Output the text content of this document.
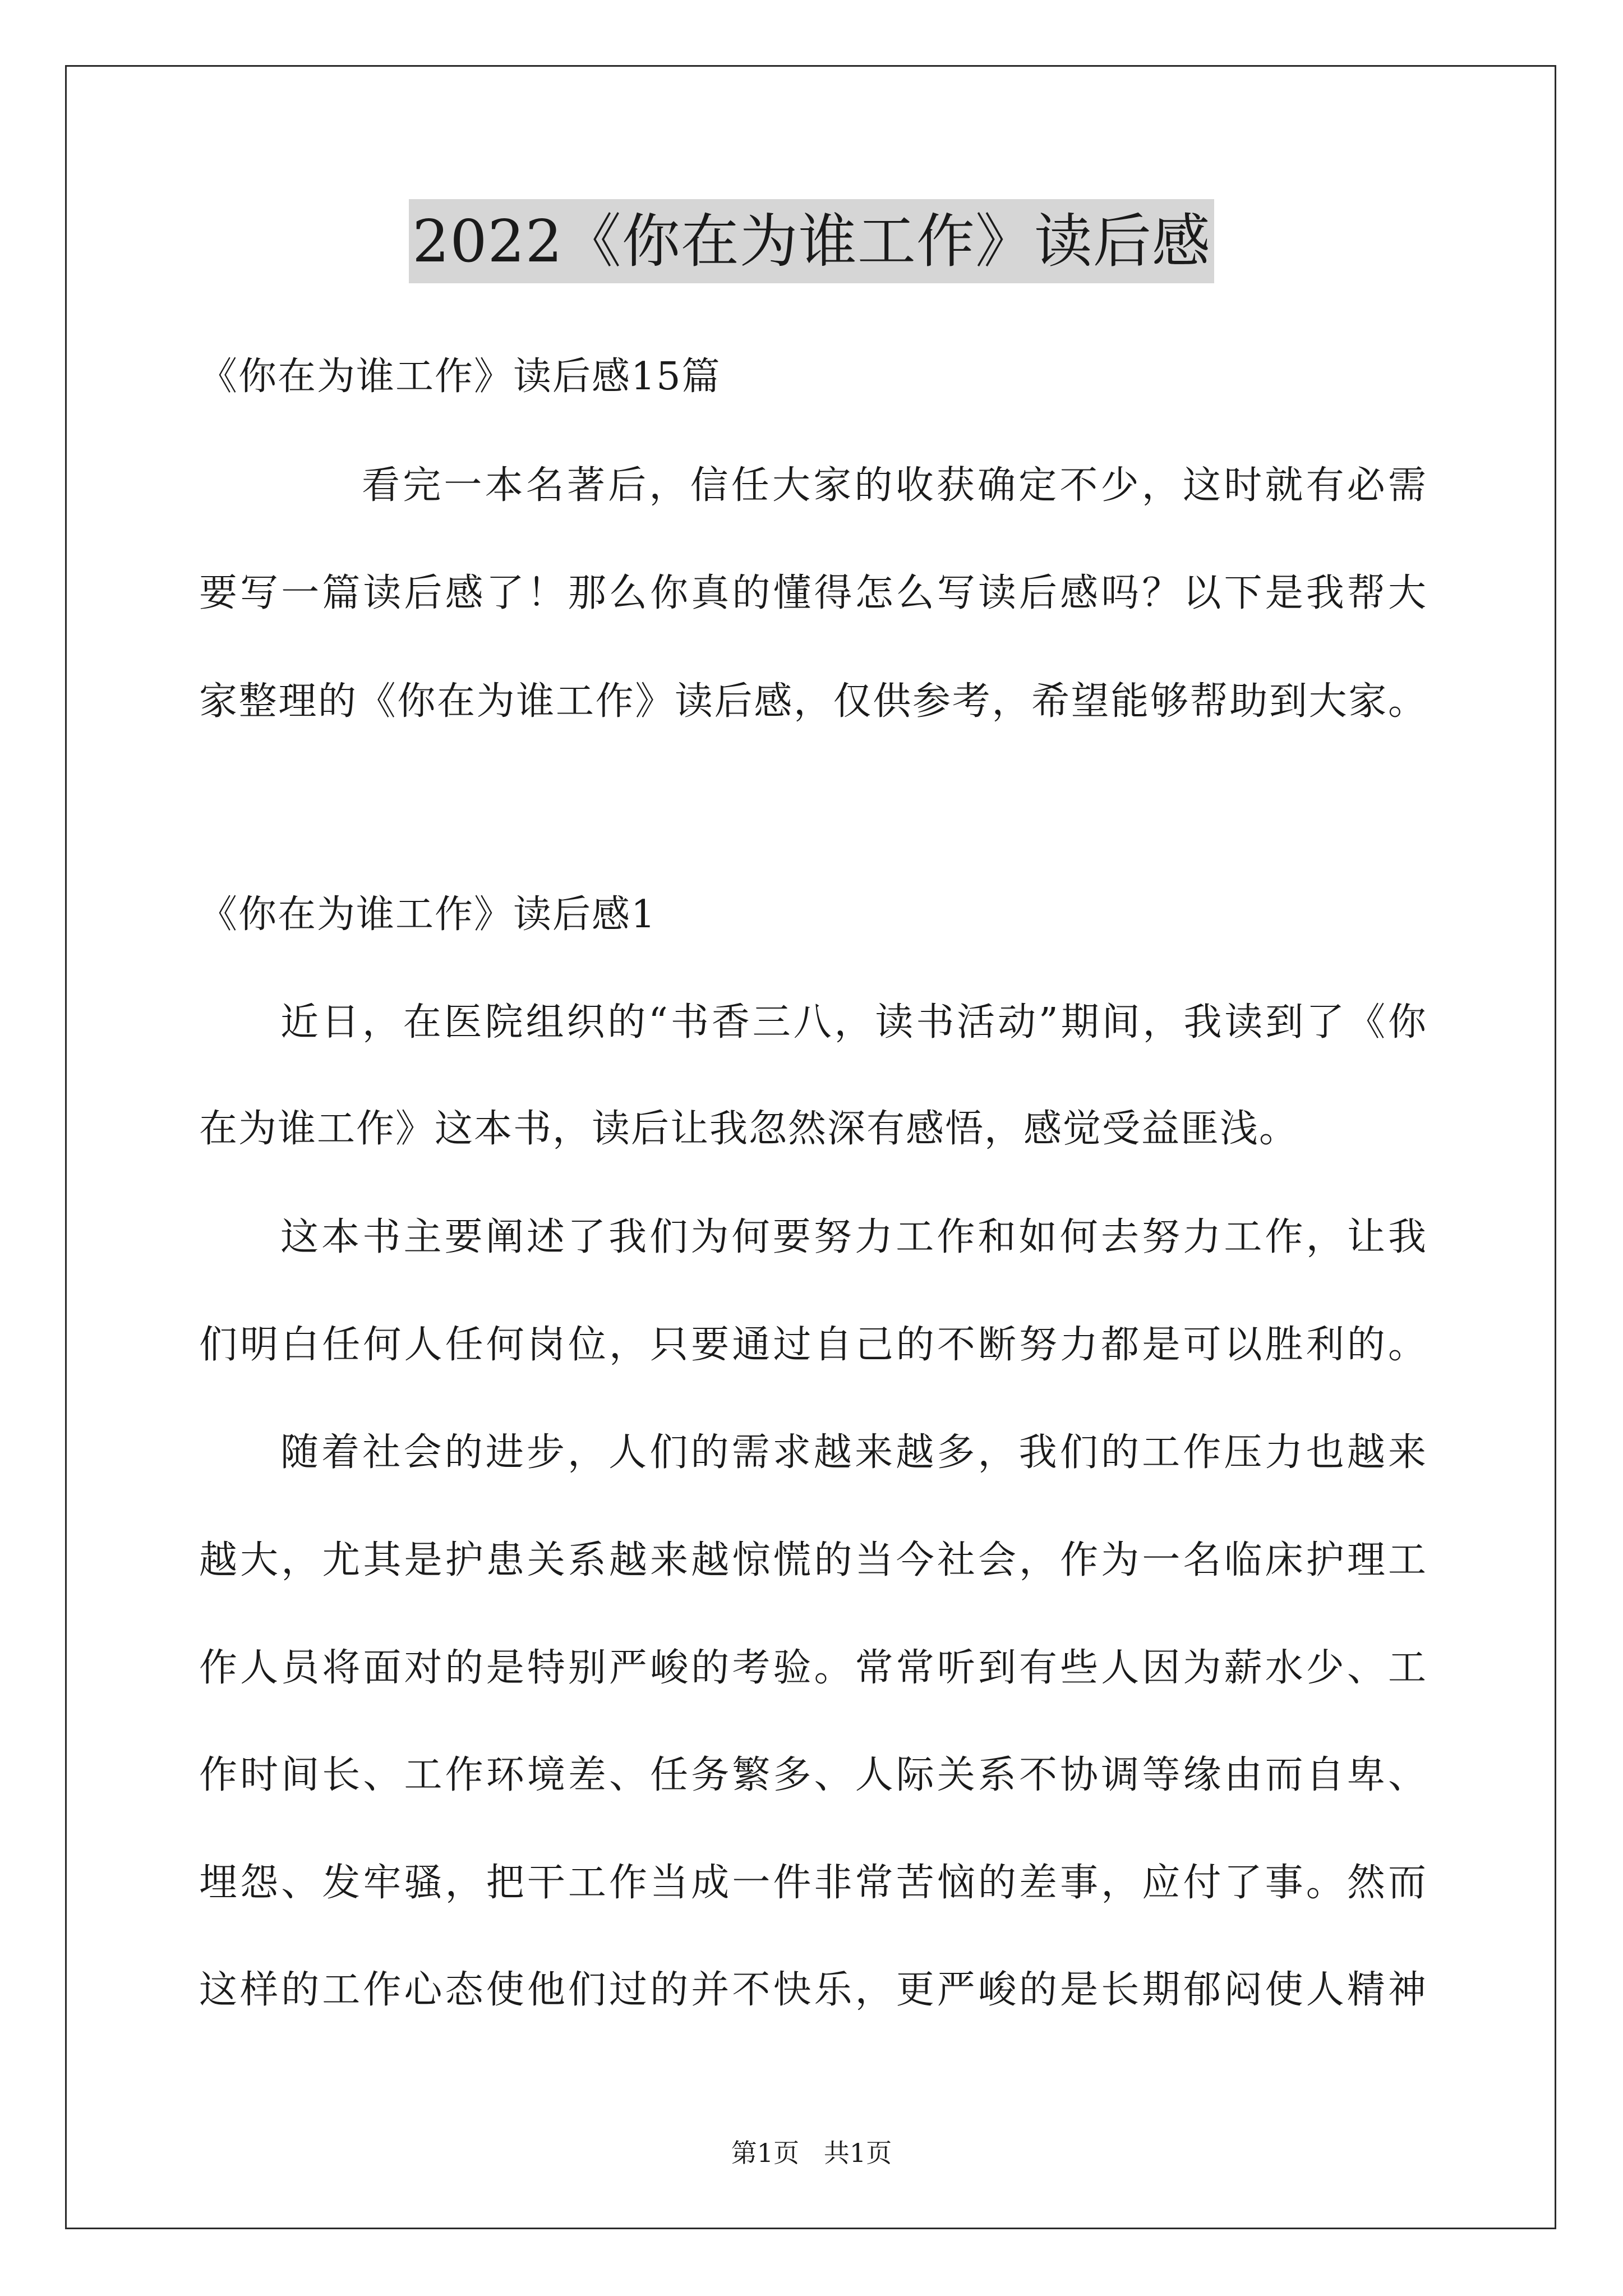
2022《你在为谁工作》读后感
《你在为谁工作》读后感15篇
看完一本名著后，信任大家的收获确定不少，这时就有必需
要写一篇读后感了！那么你真的懂得怎么写读后感吗？以下是我帮大
家整理的《你在为谁工作》读后感，仅供参考，希望能够帮助到大家。
《你在为谁工作》读后感1
近日，在医院组织的“书香三八，读书活动”期间，我读到了《你
在为谁工作》这本书，读后让我忽然深有感悟，感觉受益匪浅。
这本书主要阐述了我们为何要努力工作和如何去努力工作，让我
们明白任何人任何岗位，只要通过自己的不断努力都是可以胜利的。
随着社会的进步，人们的需求越来越多，我们的工作压力也越来
越大，尤其是护患关系越来越惊慌的当今社会，作为一名临床护理工
作人员将面对的是特别严峻的考验。常常听到有些人因为薪水少、工
作时间长、工作环境差、任务繁多、人际关系不协调等缘由而自卑、
埋怨、发牢骚，把干工作当成一件非常苦恼的差事，应付了事。然而
这样的工作心态使他们过的并不快乐，更严峻的是长期郁闷使人精神
第1页   共1页
